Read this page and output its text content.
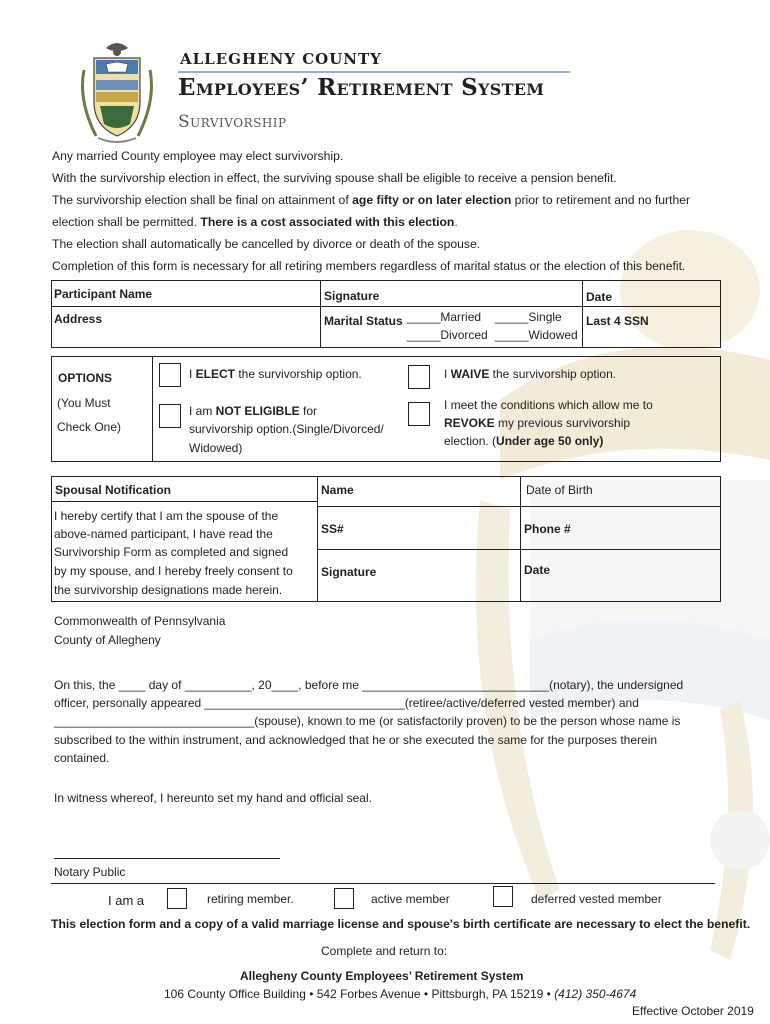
ALLEGHENY COUNTY
Employees’ Retirement System
Survivorship
Any married County employee may elect survivorship.
With the survivorship election in effect, the surviving spouse shall be eligible to receive a pension benefit.
The survivorship election shall be final on attainment of age fifty or on later election prior to retirement and no further
election shall be permitted. There is a cost associated with this election.
The election shall automatically be cancelled by divorce or death of the spouse.
Completion of this form is necessary for all retiring members regardless of marital status or the election of this benefit.
Participant Name	Signature	Date
Address	Marital Status _____Married _____Single
_____Divorced _____Widowed
Last 4 SSN
OPTIONS
(You Must
Check One)
I ELECT the survivorship option.
I am NOT ELIGIBLE for
survivorship option.(Single/Divorced/
Widowed)
I WAIVE the survivorship option.
I meet the conditions which allow me to
REVOKE my previous survivorship
election. (Under age 50 only)
Spousal Notification
I hereby certify that I am the spouse of the
above-named participant, I have read the
Survivorship Form as completed and signed
by my spouse, and I hereby freely consent to
the survivorship designations made herein.
Name	Date of Birth
SS#	Phone #
Signature	Date
Commonwealth of Pennsylvania
County of Allegheny
On this, the ____ day of __________, 20____, before me ____________________________(notary), the undersigned
officer, personally appeared ______________________________(retiree/active/deferred vested member) and
______________________________(spouse), known to me (or satisfactorily proven) to be the person whose name is
subscribed to the within instrument, and acknowledged that he or she executed the same for the purposes therein
contained.
In witness whereof, I hereunto set my hand and official seal.
Notary Public
I am a	retiring member.	active member	deferred vested member
This election form and a copy of a valid marriage license and spouse's birth certificate are necessary to elect the benefit.
Complete and return to:
Allegheny County Employees’ Retirement System
106 County Office Building • 542 Forbes Avenue • Pittsburgh, PA 15219 • (412) 350-4674
Effective October 2019
